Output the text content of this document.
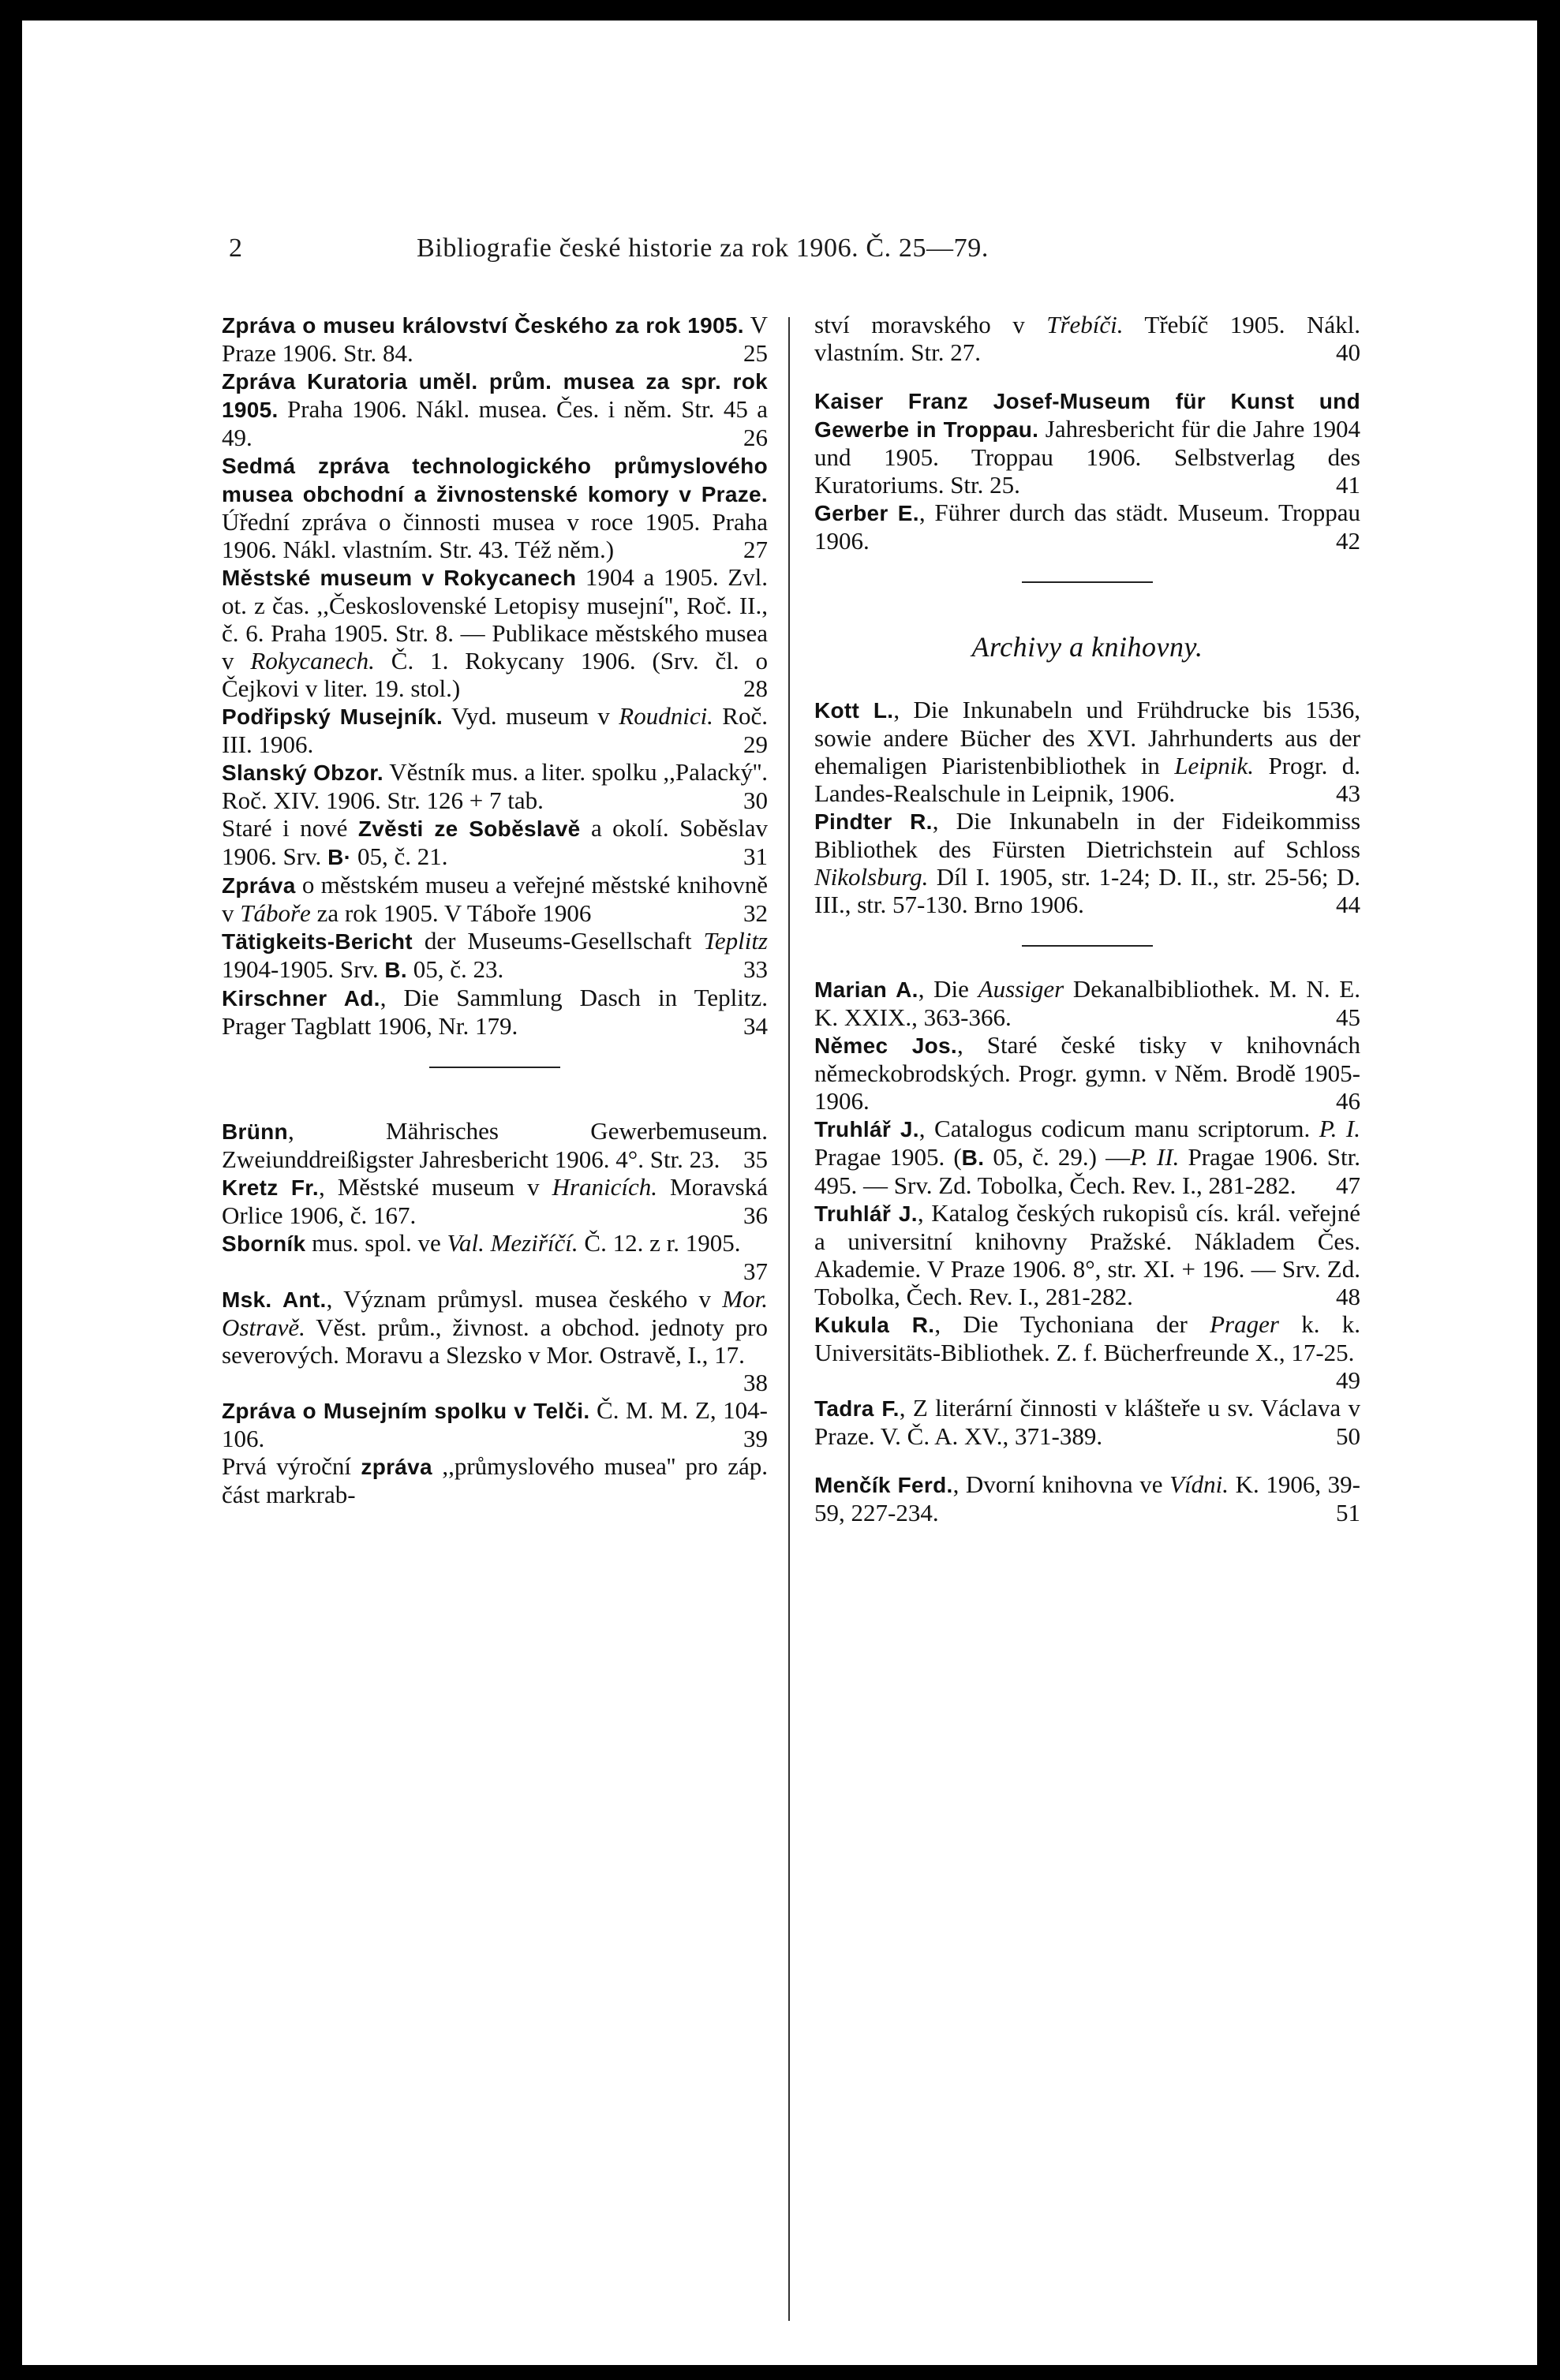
2	Bibliografie české historie za rok 1906. Č. 25—79.

Zpráva o museu království Českého za rok 1905. V Praze 1906. Str. 84.	25

Zpráva Kuratoria uměl. prům. musea za spr. rok 1905. Praha 1906. Nákl. musea. Čes. i něm. Str. 45 a 49.	26

Sedmá zpráva technologického průmyslového musea obchodní a živnostenské komory v Praze. Úřední zpráva o činnosti musea v roce 1905. Praha 1906. Nákl. vlastním. Str. 43. Též něm.)	27

Městské museum v Rokycanech 1904 a 1905. Zvl. ot. z čas. ,,Československé Letopisy musejní'', Roč. II., č. 6. Praha 1905. Str. 8. — Publikace městského musea v Rokycanech. Č. 1. Rokycany 1906. (Srv. čl. o Čejkovi v liter. 19. stol.)	28

Podřipský Musejník. Vyd. museum v Roudnici. Roč. III. 1906.	29

Slanský Obzor. Věstník mus. a liter. spolku ,,Palacký''. Roč. XIV. 1906. Str. 126 + 7 tab.	30

Staré i nové Zvěsti ze Soběslavě a okolí. Soběslav 1906. Srv. B· 05, č. 21.	31

Zpráva o městském museu a veřejné městské knihovně v Táboře za rok 1905. V Táboře 1906	32

Tätigkeits-Bericht der Museums-Gesellschaft Teplitz 1904-1905. Srv. B. 05, č. 23.	33

Kirschner Ad., Die Sammlung Dasch in Teplitz. Prager Tagblatt 1906, Nr. 179.	34

Brünn, Mährisches Gewerbemuseum. Zweiunddreißigster Jahresbericht 1906. 4°. Str. 23. 35

Kretz Fr., Městské museum v Hranicích. Moravská Orlice 1906, č. 167.	36

Sborník mus. spol. ve Val. Meziříčí. Č. 12. z r. 1905.
37

Msk. Ant., Význam průmysl. musea českého v Mor. Ostravě. Věst. prům., živnost. a obchod. jednoty pro severových. Moravu a Slezsko v Mor. Ostravě, I., 17.
38

Zpráva o Musejním spolku v Telči. Č. M. M. Z, 104-106.	39

Prvá výroční zpráva ,,průmyslového musea'' pro záp. část markrab-

ství moravského v Třebíči. Třebíč 1905. Nákl. vlastním. Str. 27.	40

Kaiser Franz Josef-Museum für Kunst und Gewerbe in Troppau. Jahresbericht für die Jahre 1904 und 1905. Troppau 1906. Selbstverlag des Kuratoriums. Str. 25.	41

Gerber E., Führer durch das städt. Museum. Troppau 1906.	42

Archivy a knihovny.

Kott L., Die Inkunabeln und Frühdrucke bis 1536, sowie andere Bücher des XVI. Jahrhunderts aus der ehemaligen Piaristenbibliothek in Leipnik. Progr. d. Landes-Realschule in Leipnik, 1906.	43

Pindter R., Die Inkunabeln in der Fideikommiss Bibliothek des Fürsten Dietrichstein auf Schloss Nikolsburg. Díl I. 1905, str. 1-24; D. II., str. 25-56; D. III., str. 57-130. Brno 1906.	44

Marian A., Die Aussiger Dekanalbibliothek. M. N. E. K. XXIX., 363-366.	45

Němec Jos., Staré české tisky v knihovnách německobrodských. Progr. gymn. v Něm. Brodě 1905-1906.	46

Truhlář J., Catalogus codicum manu scriptorum. P. I. Pragae 1905. (B. 05, č. 29.) —P. II. Pragae 1906. Str. 495. — Srv. Zd. Tobolka, Čech. Rev. I., 281-282. 47

Truhlář J., Katalog českých rukopisů cís. král. veřejné a universitní knihovny Pražské. Nákladem Čes. Akademie. V Praze 1906. 8°, str. XI. + 196. — Srv. Zd. Tobolka, Čech. Rev. I., 281-282.	48

Kukula R., Die Tychoniana der Prager k. k. Universitäts-Bibliothek. Z. f. Bücherfreunde X., 17-25.
49

Tadra F., Z literární činnosti v klášteře u sv. Václava v Praze. V. Č. A. XV., 371-389.	50

Menčík Ferd., Dvorní knihovna ve Vídni. K. 1906, 39-59, 227-234.	51
